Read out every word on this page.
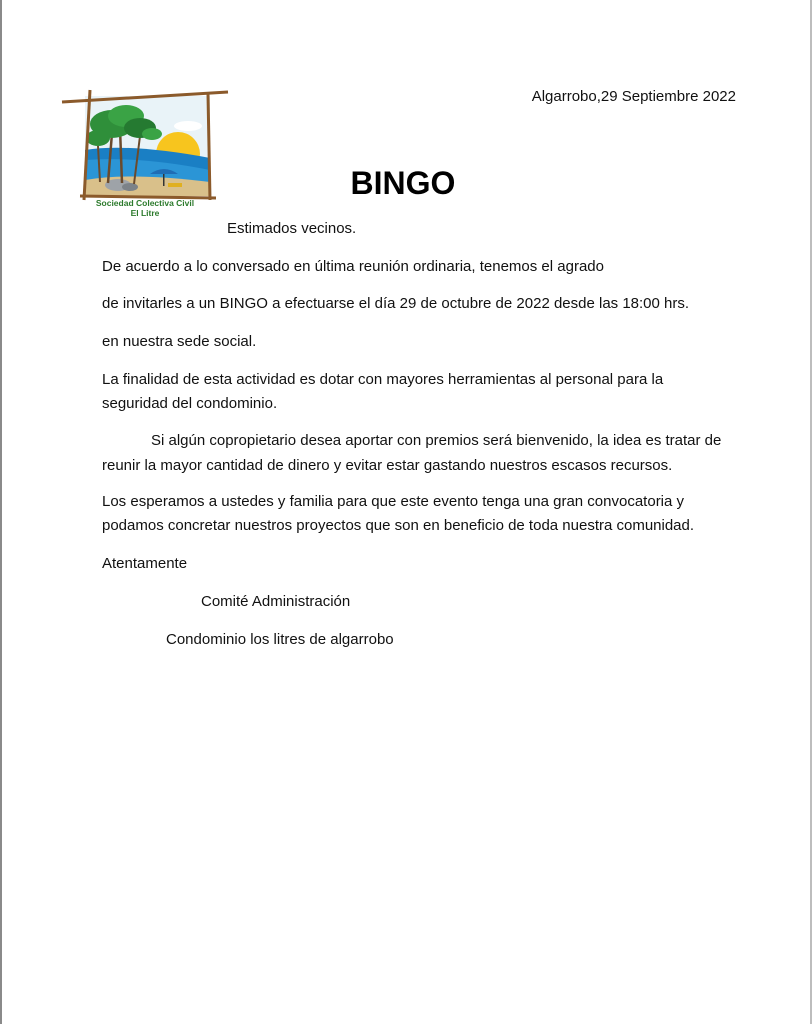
Sociedad Colectiva Civil
El Litre
Algarrobo,29 Septiembre 2022
BINGO
Estimados vecinos.
De acuerdo a lo conversado en última reunión ordinaria, tenemos el agrado
de invitarles a un BINGO a efectuarse el día 29 de octubre de 2022 desde las 18:00 hrs.
en nuestra sede social.
La finalidad de esta actividad es dotar con mayores herramientas al personal para la
seguridad del condominio.
Si algún copropietario desea aportar con premios será bienvenido, la idea es tratar de
reunir la mayor cantidad de dinero y evitar estar gastando nuestros escasos recursos.
Los esperamos a ustedes y familia para que este evento tenga una gran convocatoria y
podamos concretar nuestros proyectos que son en beneficio de toda nuestra comunidad.
Atentamente
Comité Administración
Condominio los litres de algarrobo
